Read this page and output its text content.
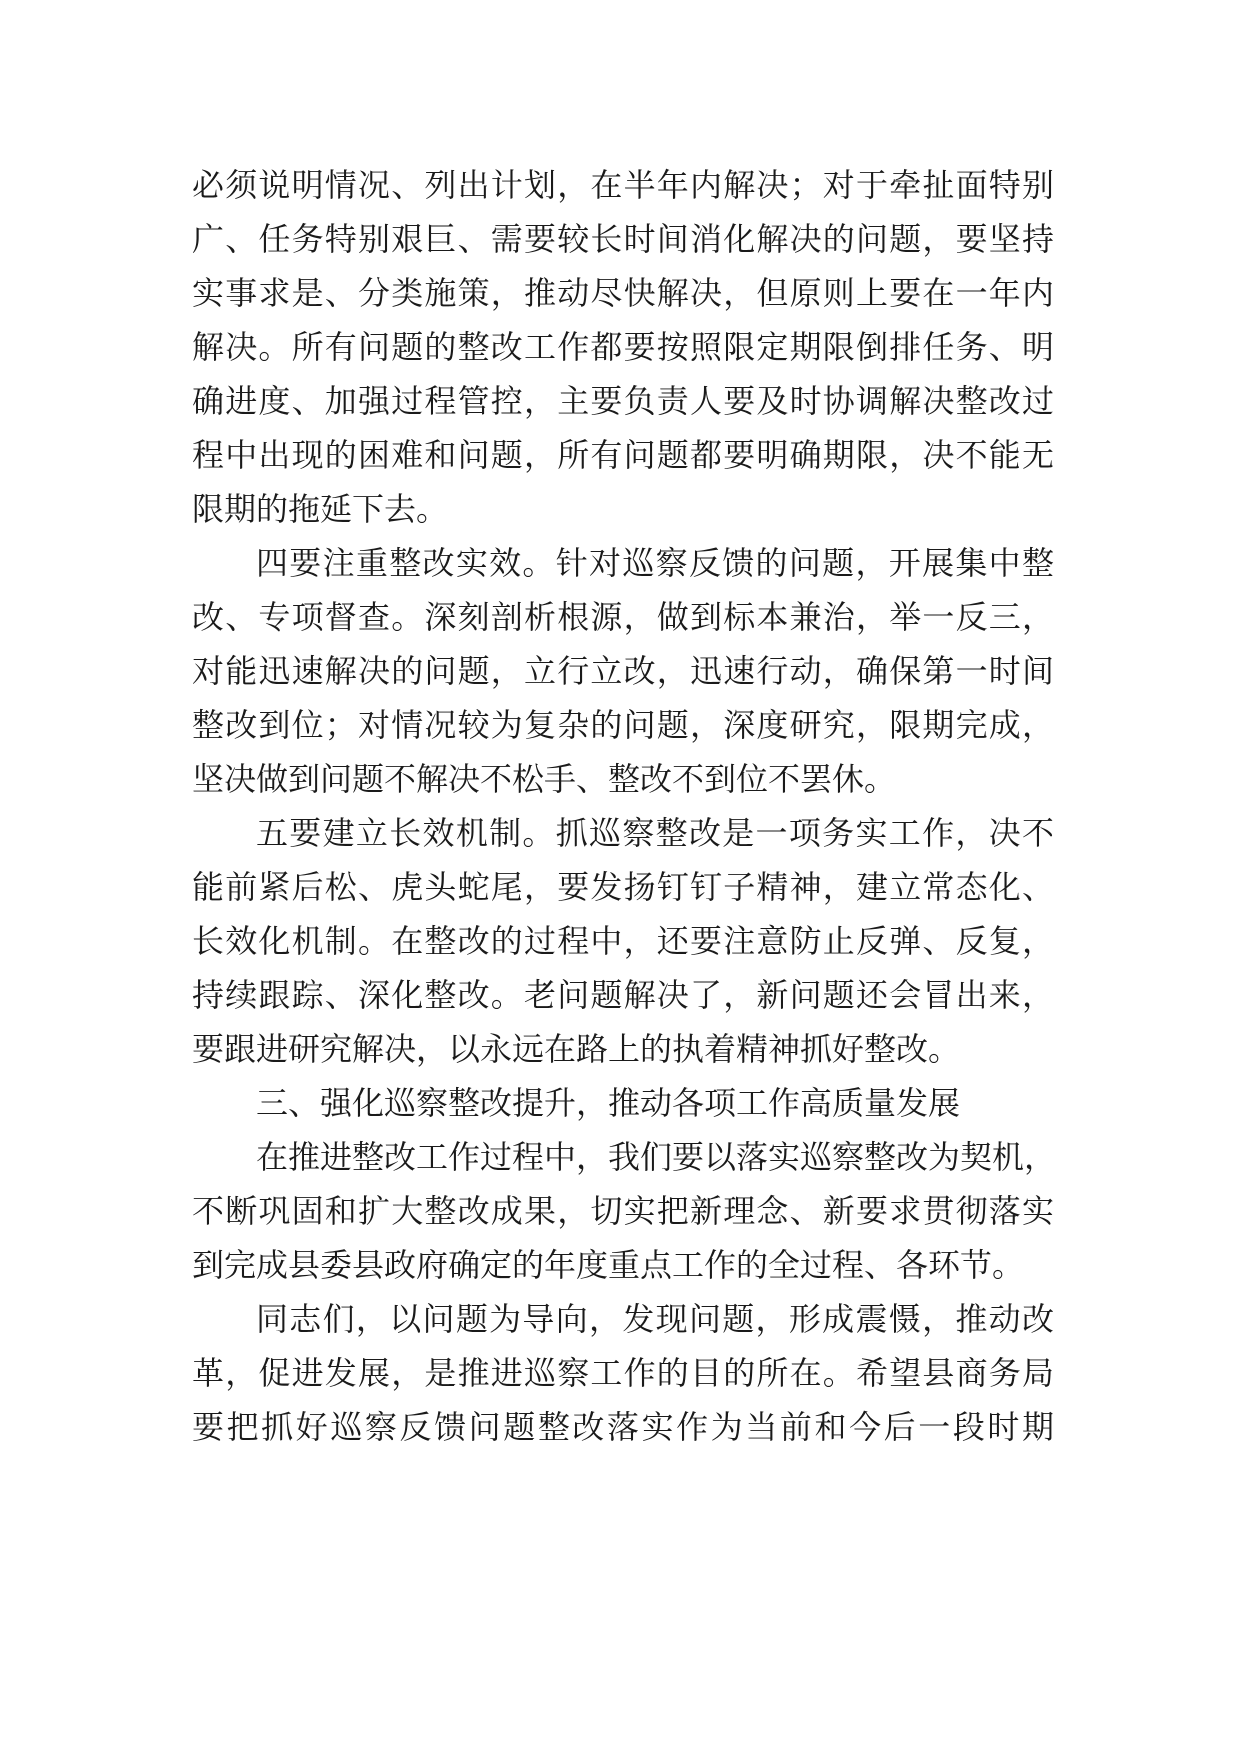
必须说明情况、列出计划，在半年内解决；对于牵扯面特别
广、任务特别艰巨、需要较长时间消化解决的问题，要坚持
实事求是、分类施策，推动尽快解决，但原则上要在一年内
解决。所有问题的整改工作都要按照限定期限倒排任务、明
确进度、加强过程管控，主要负责人要及时协调解决整改过
程中出现的困难和问题，所有问题都要明确期限，决不能无
限期的拖延下去。
四要注重整改实效。针对巡察反馈的问题，开展集中整
改、专项督查。深刻剖析根源，做到标本兼治，举一反三，
对能迅速解决的问题，立行立改，迅速行动，确保第一时间
整改到位；对情况较为复杂的问题，深度研究，限期完成，
坚决做到问题不解决不松手、整改不到位不罢休。
五要建立长效机制。抓巡察整改是一项务实工作，决不
能前紧后松、虎头蛇尾，要发扬钉钉子精神，建立常态化、
长效化机制。在整改的过程中，还要注意防止反弹、反复，
持续跟踪、深化整改。老问题解决了，新问题还会冒出来，
要跟进研究解决，以永远在路上的执着精神抓好整改。
三、强化巡察整改提升，推动各项工作高质量发展
在推进整改工作过程中，我们要以落实巡察整改为契机，
不断巩固和扩大整改成果，切实把新理念、新要求贯彻落实
到完成县委县政府确定的年度重点工作的全过程、各环节。
同志们，以问题为导向，发现问题，形成震慑，推动改
革，促进发展，是推进巡察工作的目的所在。希望县商务局
要把抓好巡察反馈问题整改落实作为当前和今后一段时期
